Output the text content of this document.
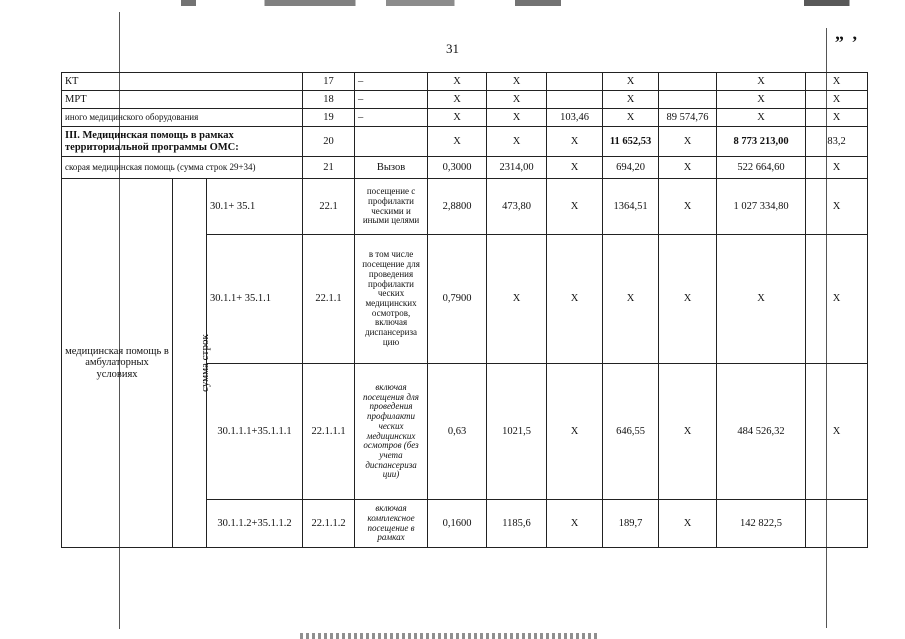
„ ,
31
КТ			17	–	Х	Х		Х		Х	Х
МРТ			18	–	Х	Х		Х		Х	Х
иного медицинского оборудования			19	–	Х	Х	103,46	Х	89 574,76	Х	Х
III. Медицинская помощь в рамках территориальной программы ОМС:			20		Х	Х	Х	11 652,53	Х	8 773 213,00	83,2
скорая медицинская помощь (сумма строк 29+34)			21	Вызов	0,3000	2314,00	Х	694,20	Х	522 664,60	Х
медицинская помощь в амбулаторных условиях	сумма строк	30.1+ 35.1	22.1	посещение с профилакти ческими и иными целями	2,8800	473,80	Х	1364,51	Х	1 027 334,80	Х
		30.1.1+ 35.1.1	22.1.1	в том числе посещение для проведения профилакти ческих медицинских осмотров, включая диспансериза цию	0,7900	Х	Х	Х	Х	Х	Х
		30.1.1.1+35.1.1.1	22.1.1.1	включая посещения для проведения профилакти ческих медицинских осмотров (без учета диспансериза ции)	0,63	1021,5	Х	646,55	Х	484 526,32	Х
		30.1.1.2+35.1.1.2	22.1.1.2	включая комплексное посещение в рамках	0,1600	1185,6	Х	189,7	Х	142 822,5	
